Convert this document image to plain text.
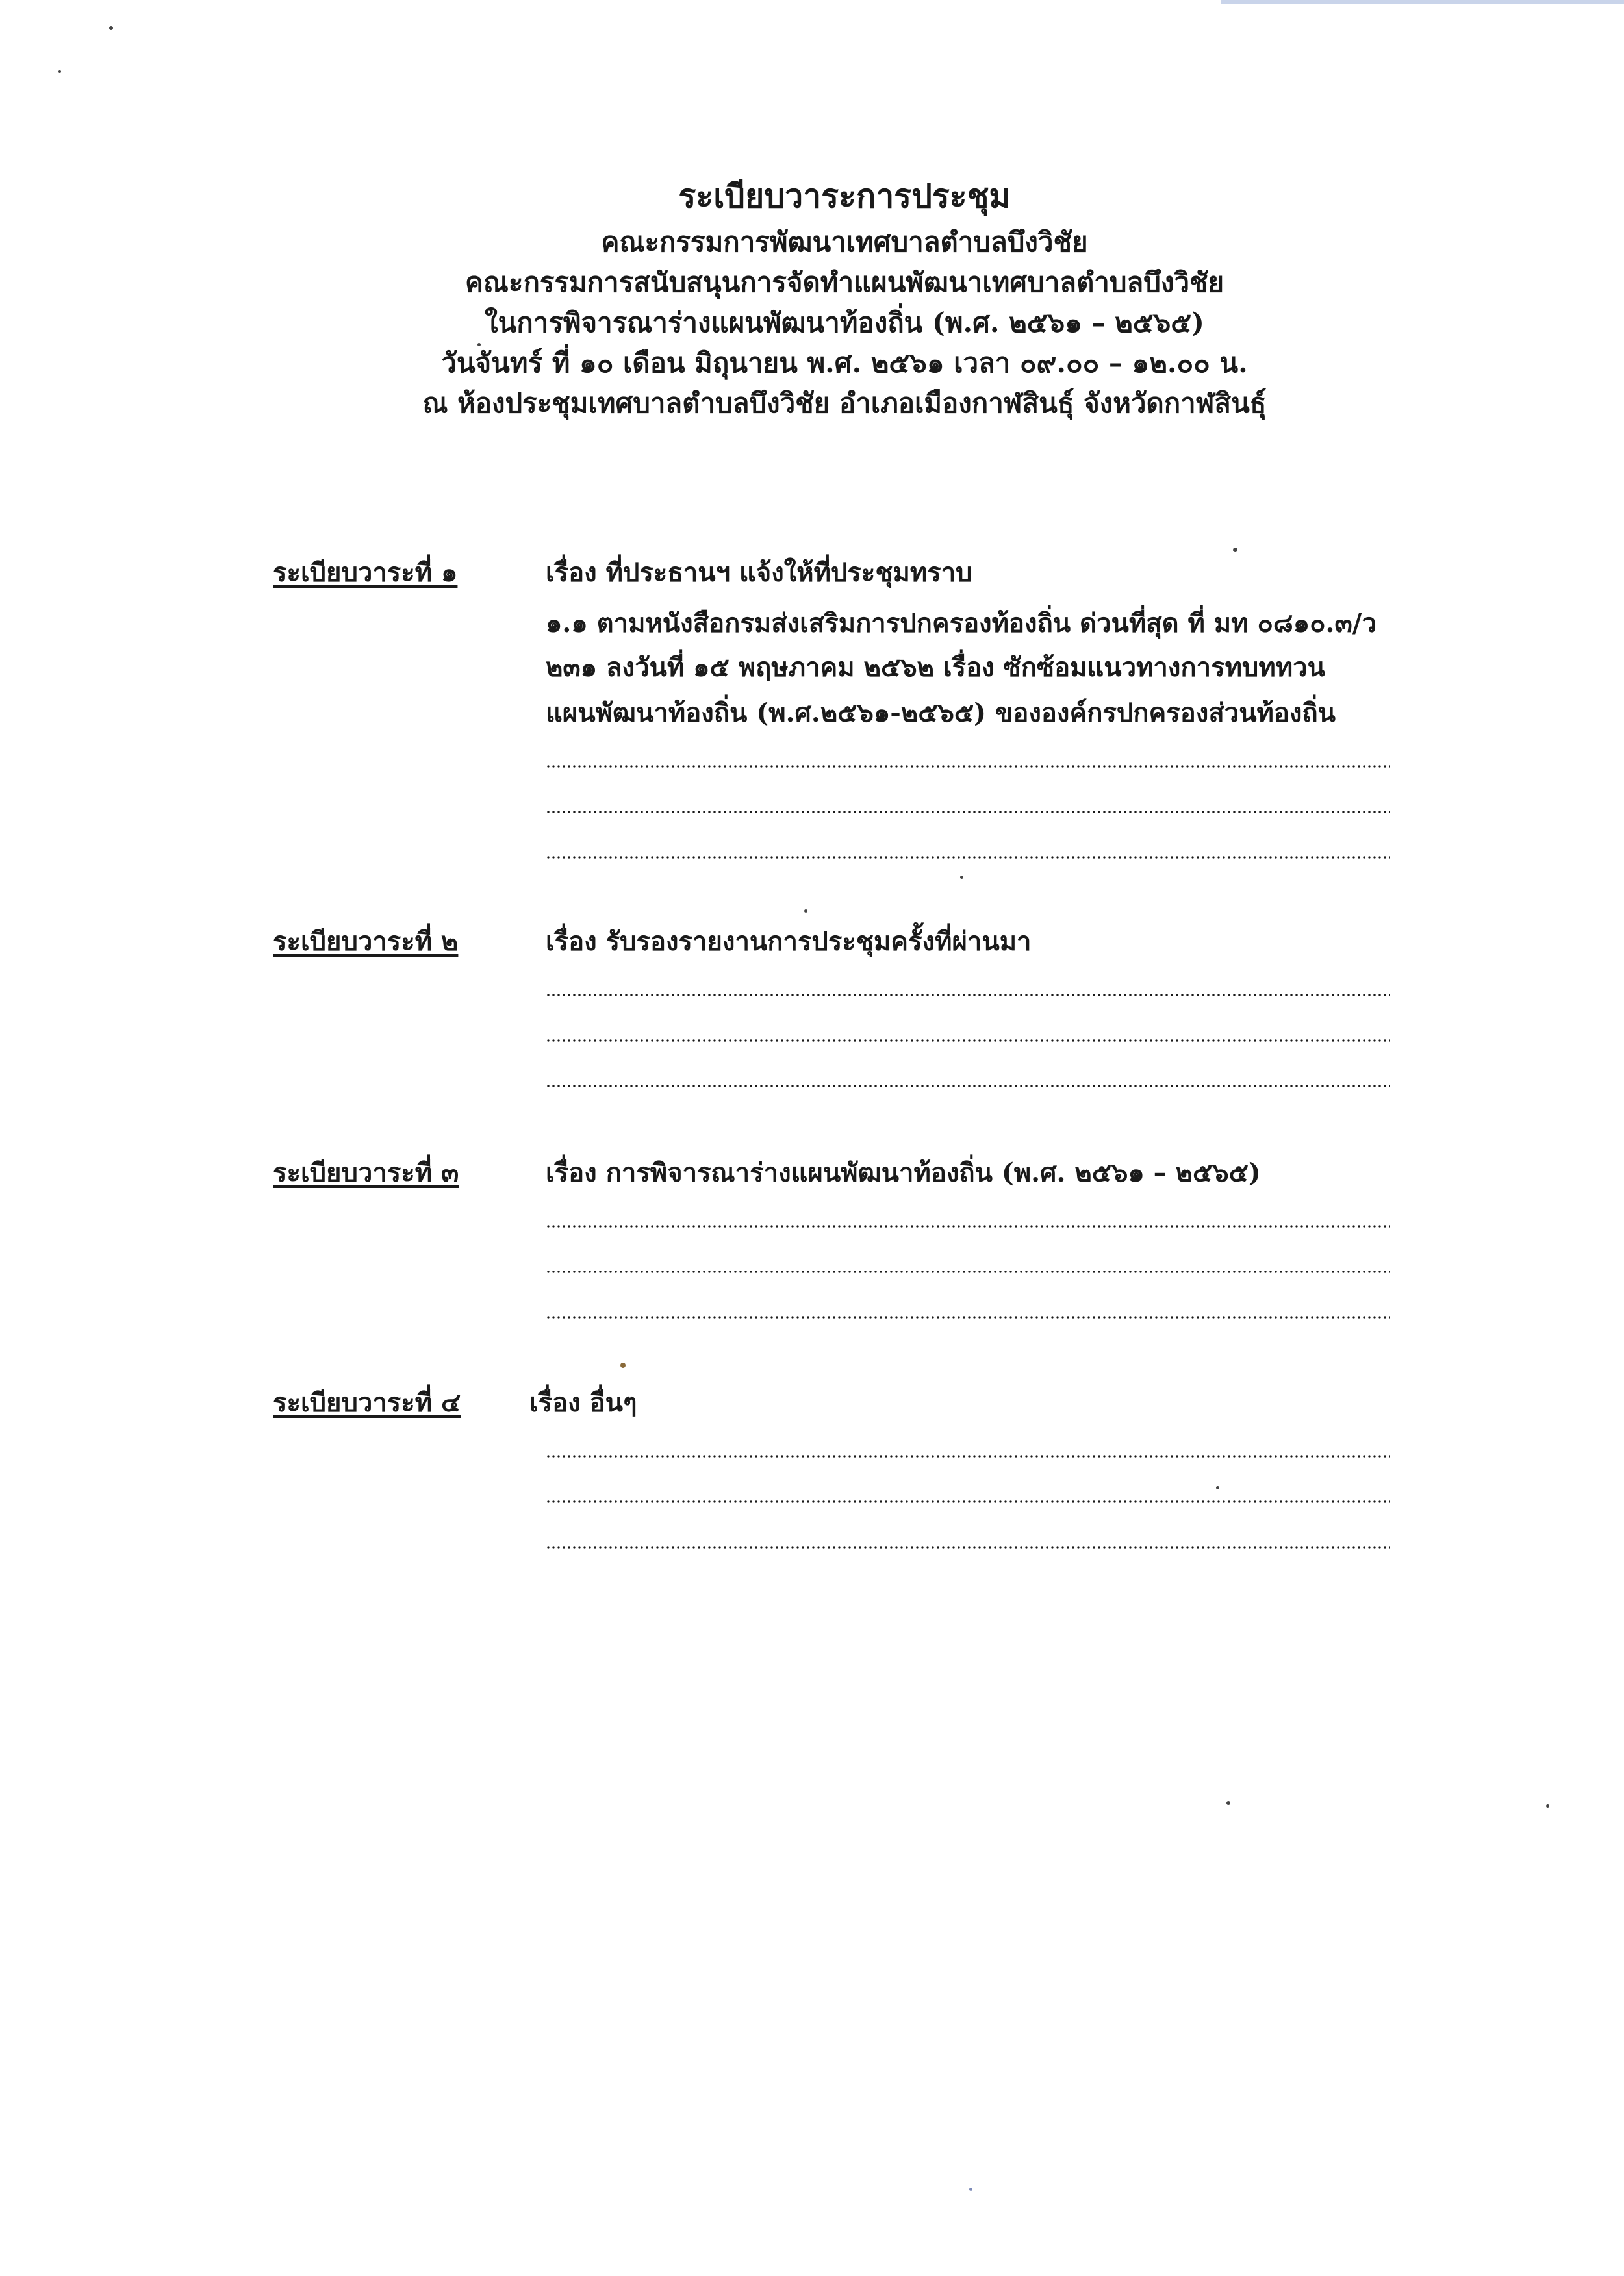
ระเบียบวาระการประชุม
คณะกรรมการพัฒนาเทศบาลตำบลบึงวิชัย
คณะกรรมการสนับสนุนการจัดทำแผนพัฒนาเทศบาลตำบลบึงวิชัย
ในการพิจารณาร่างแผนพัฒนาท้องถิ่น (พ.ศ. ๒๕๖๑ – ๒๕๖๕)
วันจันทร์ ที่ ๑๐ เดือน มิถุนายน พ.ศ. ๒๕๖๑ เวลา ๐๙.๐๐ – ๑๒.๐๐ น.
ณ ห้องประชุมเทศบาลตำบลบึงวิชัย อำเภอเมืองกาฬสินธุ์ จังหวัดกาฬสินธุ์
ระเบียบวาระที่ ๑	เรื่อง ที่ประธานฯ แจ้งให้ที่ประชุมทราบ
๑.๑ ตามหนังสือกรมส่งเสริมการปกครองท้องถิ่น ด่วนที่สุด ที่ มท ๐๘๑๐.๓/ว
๒๓๑ ลงวันที่ ๑๕ พฤษภาคม ๒๕๖๒ เรื่อง ซักซ้อมแนวทางการทบททวน
แผนพัฒนาท้องถิ่น (พ.ศ.๒๕๖๑-๒๕๖๕) ขององค์กรปกครองส่วนท้องถิ่น
ระเบียบวาระที่ ๒	เรื่อง รับรองรายงานการประชุมครั้งที่ผ่านมา
ระเบียบวาระที่ ๓	เรื่อง การพิจารณาร่างแผนพัฒนาท้องถิ่น (พ.ศ. ๒๕๖๑ – ๒๕๖๕)
ระเบียบวาระที่ ๔	เรื่อง อื่นๆ
